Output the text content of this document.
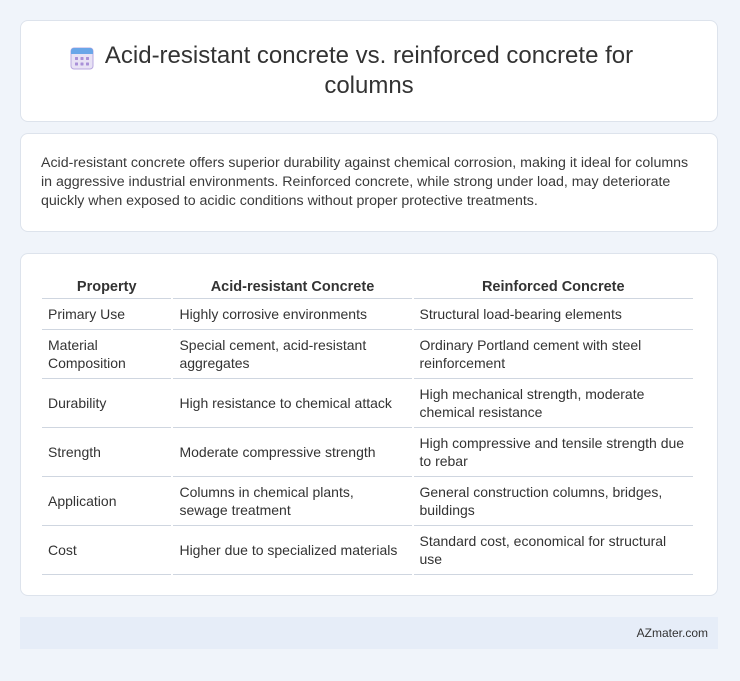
Acid-resistant concrete vs. reinforced concrete for columns

Acid-resistant concrete offers superior durability against chemical corrosion, making it ideal for columns in aggressive industrial environments. Reinforced concrete, while strong under load, may deteriorate quickly when exposed to acidic conditions without proper protective treatments.

Property	Acid-resistant Concrete	Reinforced Concrete
Primary Use	Highly corrosive environments	Structural load-bearing elements
Material Composition	Special cement, acid-resistant aggregates	Ordinary Portland cement with steel reinforcement
Durability	High resistance to chemical attack	High mechanical strength, moderate chemical resistance
Strength	Moderate compressive strength	High compressive and tensile strength due to rebar
Application	Columns in chemical plants, sewage treatment	General construction columns, bridges, buildings
Cost	Higher due to specialized materials	Standard cost, economical for structural use
AZmater.com
